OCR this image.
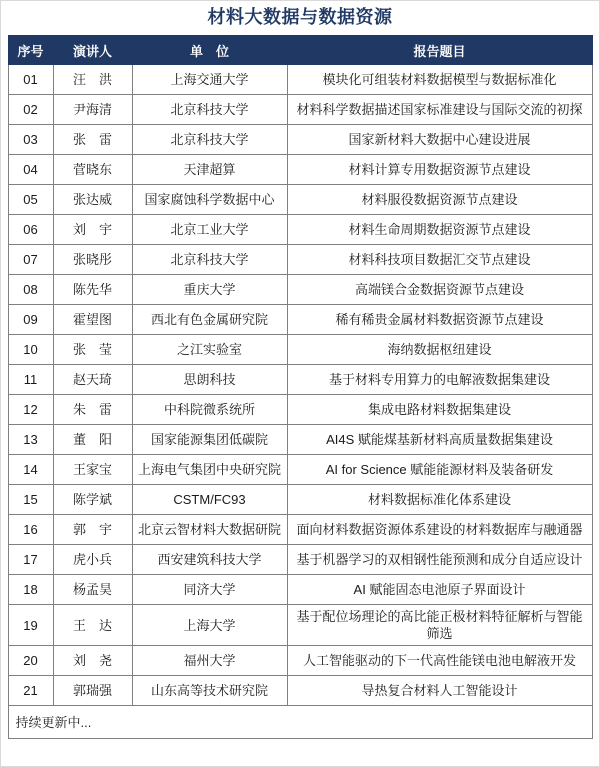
材料大数据与数据资源
序号	演讲人	单　位	报告题目
01	汪　洪	上海交通大学	模块化可组装材料数据模型与数据标准化
02	尹海清	北京科技大学	材料科学数据描述国家标准建设与国际交流的初探
03	张　雷	北京科技大学	国家新材料大数据中心建设进展
04	菅晓东	天津超算	材料计算专用数据资源节点建设
05	张达威	国家腐蚀科学数据中心	材料服役数据资源节点建设
06	刘　宇	北京工业大学	材料生命周期数据资源节点建设
07	张晓彤	北京科技大学	材料科技项目数据汇交节点建设
08	陈先华	重庆大学	高端镁合金数据资源节点建设
09	霍望图	西北有色金属研究院	稀有稀贵金属材料数据资源节点建设
10	张　莹	之江实验室	海纳数据枢纽建设
11	赵天琦	思朗科技	基于材料专用算力的电解液数据集建设
12	朱　雷	中科院微系统所	集成电路材料数据集建设
13	董　阳	国家能源集团低碳院	AI4S 赋能煤基新材料高质量数据集建设
14	王家宝	上海电气集团中央研究院	AI for Science 赋能能源材料及装备研发
15	陈学斌	CSTM/FC93	材料数据标准化体系建设
16	郭　宇	北京云智材料大数据研院	面向材料数据资源体系建设的材料数据库与融通器
17	虎小兵	西安建筑科技大学	基于机器学习的双相钢性能预测和成分自适应设计
18	杨孟昊	同济大学	AI 赋能固态电池原子界面设计
19	王　达	上海大学	基于配位场理论的高比能正极材料特征解析与智能筛选
20	刘　尧	福州大学	人工智能驱动的下一代高性能镁电池电解液开发
21	郭瑞强	山东高等技术研究院	导热复合材料人工智能设计
持续更新中...			
